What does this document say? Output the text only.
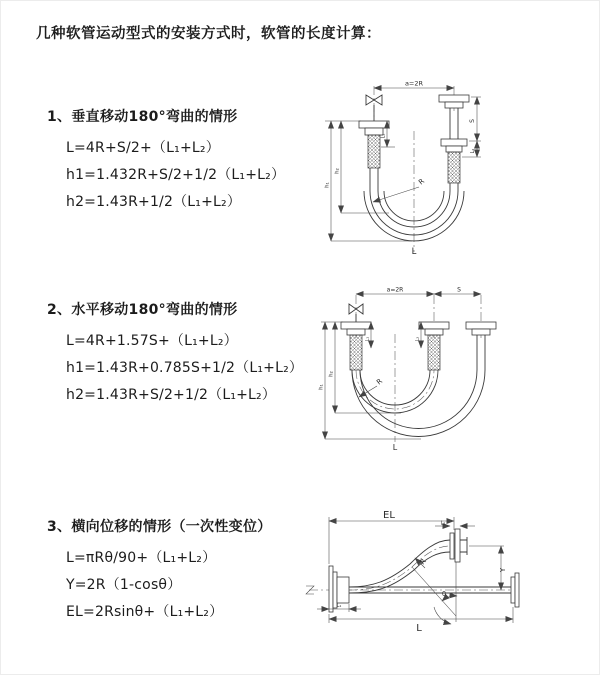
几种软管运动型式的安装方式时，软管的长度计算：
1、垂直移动180°弯曲的情形
L=4R+S/2+（L₁+L₂）
h1=1.432R+S/2+1/2（L₁+L₂）
h2=1.43R+1/2（L₁+L₂）
2、水平移动180°弯曲的情形
L=4R+1.57S+（L₁+L₂）
h1=1.43R+0.785S+1/2（L₁+L₂）
h2=1.43R+S/2+1/2（L₁+L₂）
3、横向位移的情形（一次性变位）
L=πRθ/90+（L₁+L₂）
Y=2R（1-cosθ）
EL=2Rsinθ+（L₁+L₂）
a=2R
h₁
h₂
L₁
S
L₂
R
L
a=2R	S
h₁
h₂
L₁	L₂
R
L
EL
L₂
Y
θ
R
L₁
L
